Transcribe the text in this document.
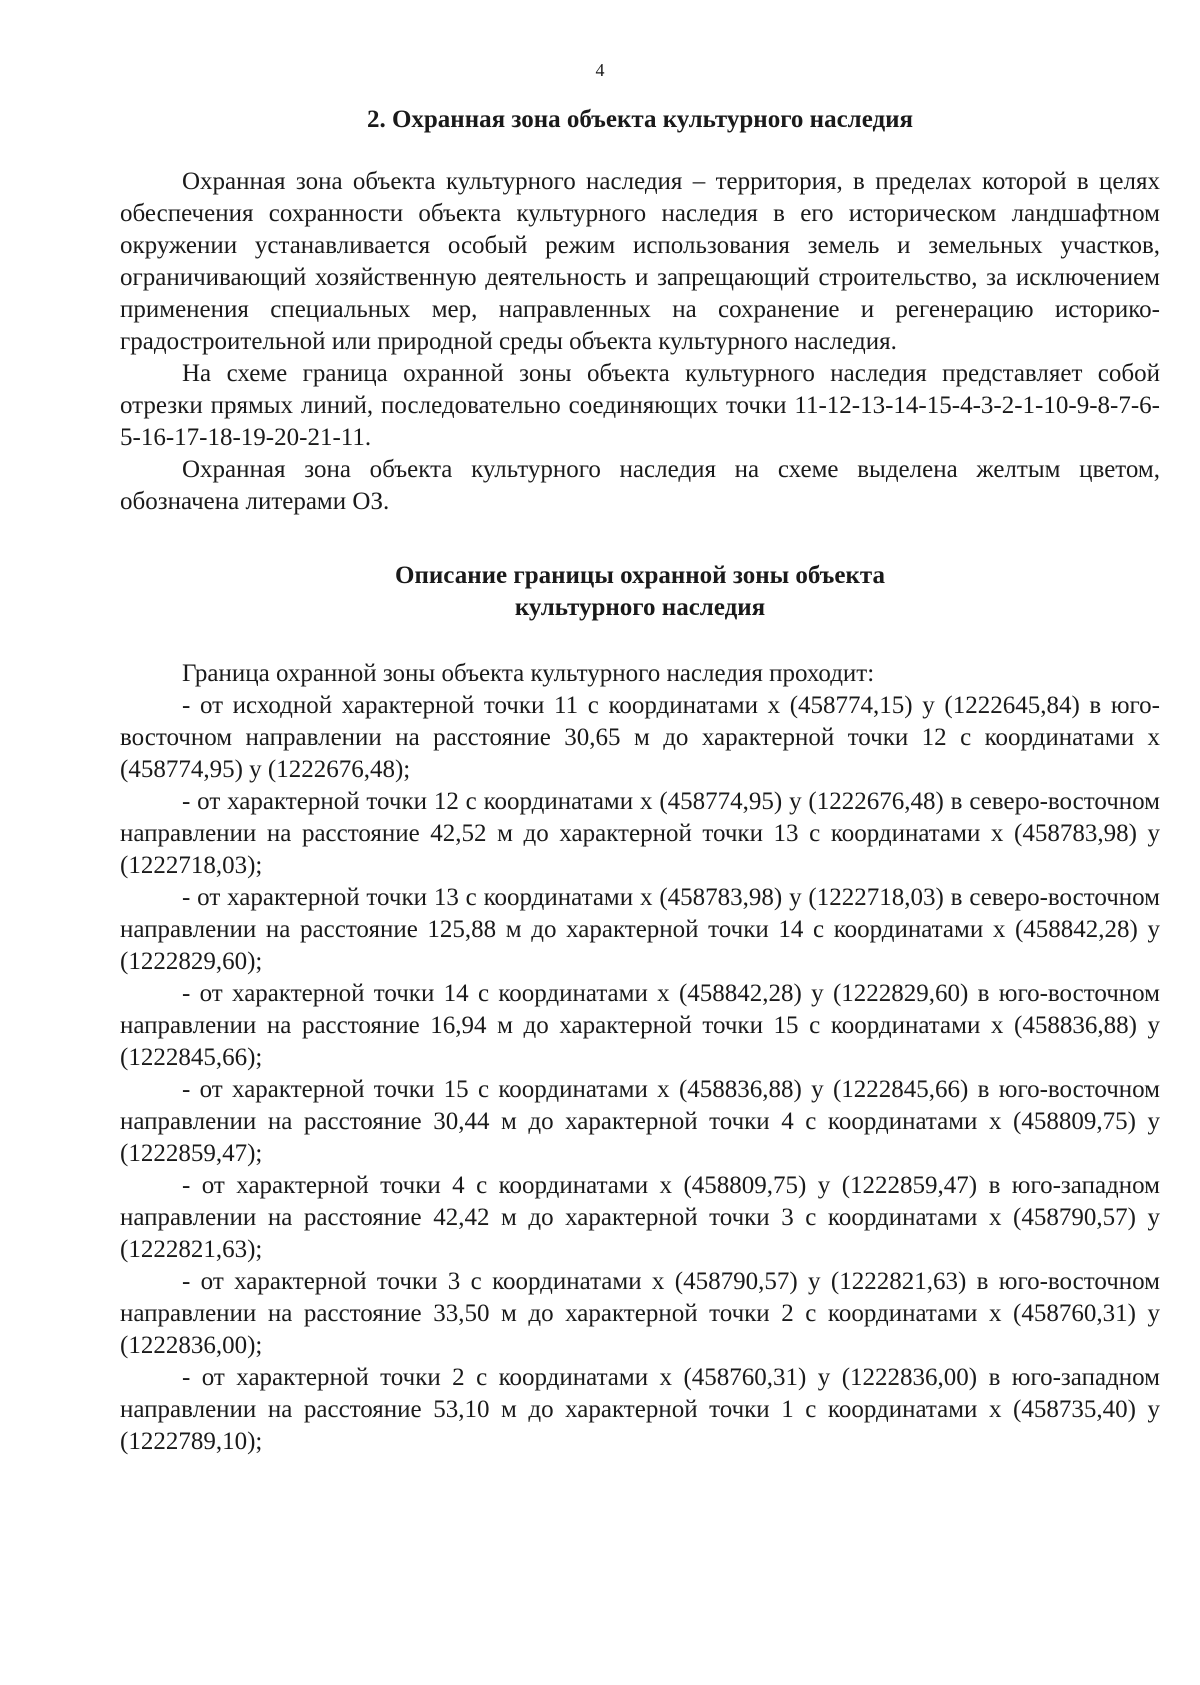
4
2. Охранная зона объекта культурного наследия

Охранная зона объекта культурного наследия – территория, в пределах которой в целях обеспечения сохранности объекта культурного наследия в его историческом ландшафтном окружении устанавливается особый режим использования земель и земельных участков, ограничивающий хозяйственную деятельность и запрещающий строительство, за исключением применения специальных мер, направленных на сохранение и регенерацию историко-градостроительной или природной среды объекта культурного наследия.

На схеме граница охранной зоны объекта культурного наследия представляет собой отрезки прямых линий, последовательно соединяющих точки 11-12-13-14-15-4-3-2-1-10-9-8-7-6-5-16-17-18-19-20-21-11.

Охранная зона объекта культурного наследия на схеме выделена желтым цветом, обозначена литерами ОЗ.

Описание границы охранной зоны объекта
культурного наследия

Граница охранной зоны объекта культурного наследия проходит:

- от исходной характерной точки 11 с координатами х (458774,15) у (1222645,84) в юго-восточном направлении на расстояние 30,65 м до характерной точки 12 с координатами х (458774,95) у (1222676,48);

- от характерной точки 12 с координатами х (458774,95) у (1222676,48) в северо-восточном направлении на расстояние 42,52 м до характерной точки 13 с координатами х (458783,98) у (1222718,03);

- от характерной точки 13 с координатами х (458783,98) у (1222718,03) в северо-восточном направлении на расстояние 125,88 м до характерной точки 14 с координатами х (458842,28) у (1222829,60);

- от характерной точки 14 с координатами х (458842,28) у (1222829,60) в юго-восточном направлении на расстояние 16,94 м до характерной точки 15 с координатами х (458836,88) у (1222845,66);

- от характерной точки 15 с координатами х (458836,88) у (1222845,66) в юго-восточном направлении на расстояние 30,44 м до характерной точки 4 с координатами х (458809,75) у (1222859,47);

- от характерной точки 4 с координатами х (458809,75) у (1222859,47) в юго-западном направлении на расстояние 42,42 м до характерной точки 3 с координатами х (458790,57) у (1222821,63);

- от характерной точки 3 с координатами х (458790,57) у (1222821,63) в юго-восточном направлении на расстояние 33,50 м до характерной точки 2 с координатами х (458760,31) у (1222836,00);

- от характерной точки 2 с координатами х (458760,31) у (1222836,00) в юго-западном направлении на расстояние 53,10 м до характерной точки 1 с координатами х (458735,40) у (1222789,10);
